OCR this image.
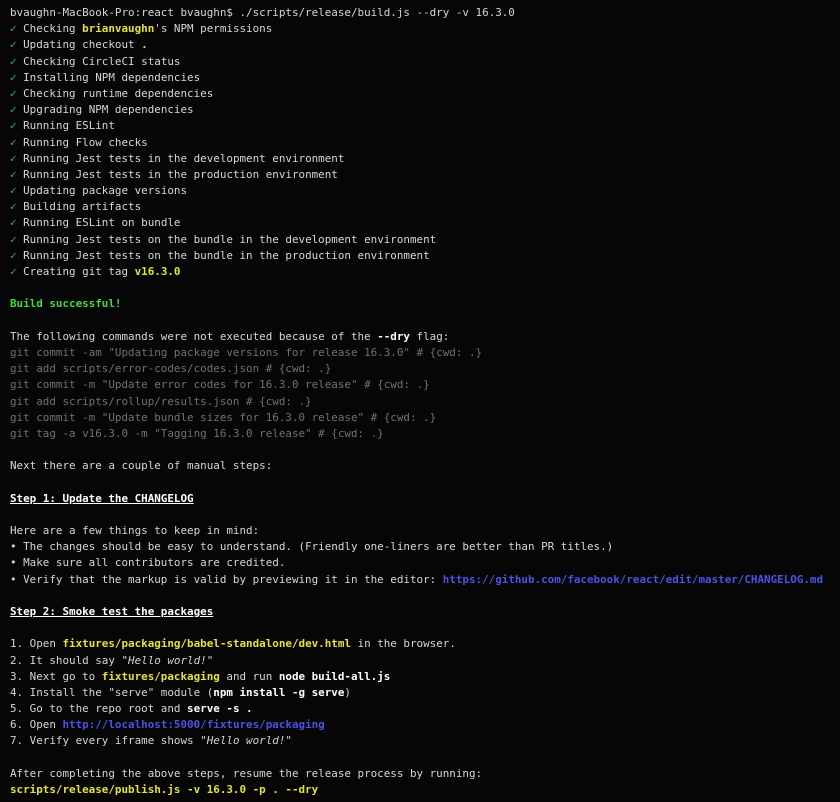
bvaughn-MacBook-Pro:react bvaughn$ ./scripts/release/build.js --dry -v 16.3.0
✓ Checking brianvaughn's NPM permissions
✓ Updating checkout .
✓ Checking CircleCI status
✓ Installing NPM dependencies
✓ Checking runtime dependencies
✓ Upgrading NPM dependencies
✓ Running ESLint
✓ Running Flow checks
✓ Running Jest tests in the development environment
✓ Running Jest tests in the production environment
✓ Updating package versions
✓ Building artifacts
✓ Running ESLint on bundle
✓ Running Jest tests on the bundle in the development environment
✓ Running Jest tests on the bundle in the production environment
✓ Creating git tag v16.3.0

Build successful!

The following commands were not executed because of the --dry flag:
git commit -am "Updating package versions for release 16.3.0" # {cwd: .}
git add scripts/error-codes/codes.json # {cwd: .}
git commit -m "Update error codes for 16.3.0 release" # {cwd: .}
git add scripts/rollup/results.json # {cwd: .}
git commit -m "Update bundle sizes for 16.3.0 release" # {cwd: .}
git tag -a v16.3.0 -m "Tagging 16.3.0 release" # {cwd: .}

Next there are a couple of manual steps:

Step 1: Update the CHANGELOG

Here are a few things to keep in mind:
• The changes should be easy to understand. (Friendly one-liners are better than PR titles.)
• Make sure all contributors are credited.
• Verify that the markup is valid by previewing it in the editor: https://github.com/facebook/react/edit/master/CHANGELOG.md

Step 2: Smoke test the packages

1. Open fixtures/packaging/babel-standalone/dev.html in the browser.
2. It should say "Hello world!"
3. Next go to fixtures/packaging and run node build-all.js
4. Install the "serve" module (npm install -g serve)
5. Go to the repo root and serve -s .
6. Open http://localhost:5000/fixtures/packaging
7. Verify every iframe shows "Hello world!"

After completing the above steps, resume the release process by running:
scripts/release/publish.js -v 16.3.0 -p . --dry
